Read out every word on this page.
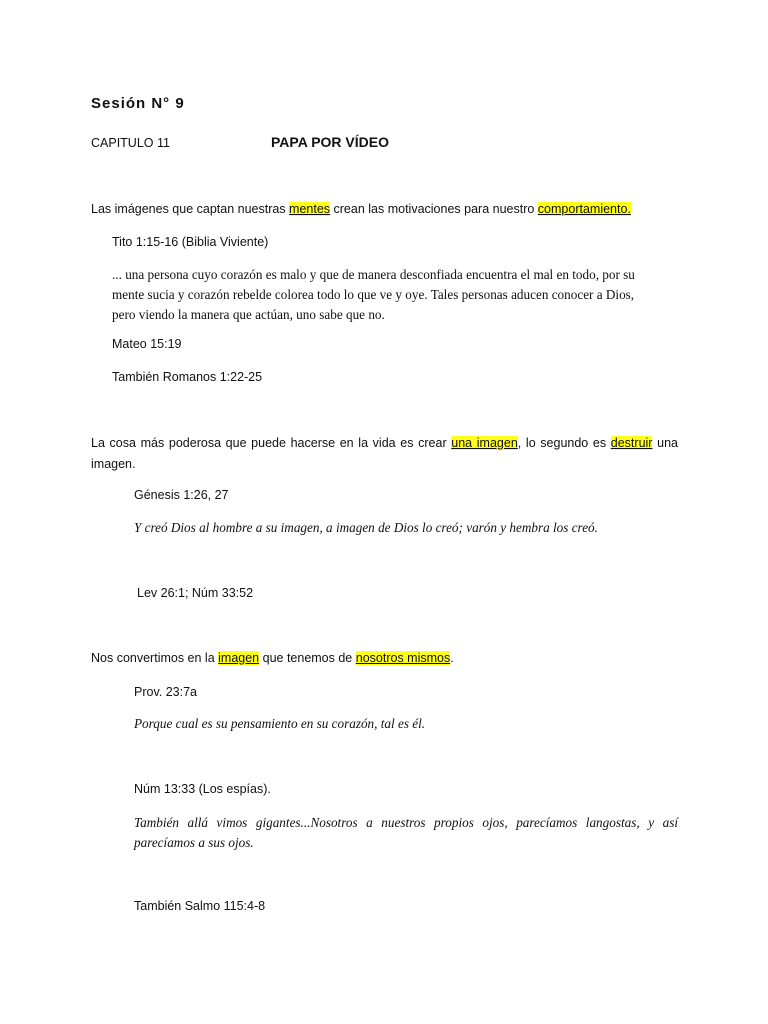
Sesión N° 9
CAPITULO 11	PAPA POR VÍDEO
Las imágenes que captan nuestras mentes crean las motivaciones para nuestro comportamiento.
Tito 1:15-16 (Biblia Viviente)
... una persona cuyo corazón es malo y que de manera desconfiada encuentra el mal en todo, por su
mente sucia y corazón rebelde colorea todo lo que ve y oye. Tales personas aducen conocer a Dios,
pero viendo la manera que actúan, uno sabe que no.
Mateo 15:19
También Romanos 1:22-25
La cosa más poderosa que puede hacerse en la vida es crear una imagen, lo segundo es destruir una
imagen.
Génesis 1:26, 27
Y creó Dios al hombre a su imagen, a imagen de Dios lo creó; varón y hembra los creó.
Lev 26:1; Núm 33:52
Nos convertimos en la imagen que tenemos de nosotros mismos.
Prov. 23:7a
Porque cual es su pensamiento en su corazón, tal es él.
Núm 13:33 (Los espías).
También allá vimos gigantes...Nosotros a nuestros propios ojos, parecíamos langostas, y así
parecíamos a sus ojos.
También Salmo 115:4-8
